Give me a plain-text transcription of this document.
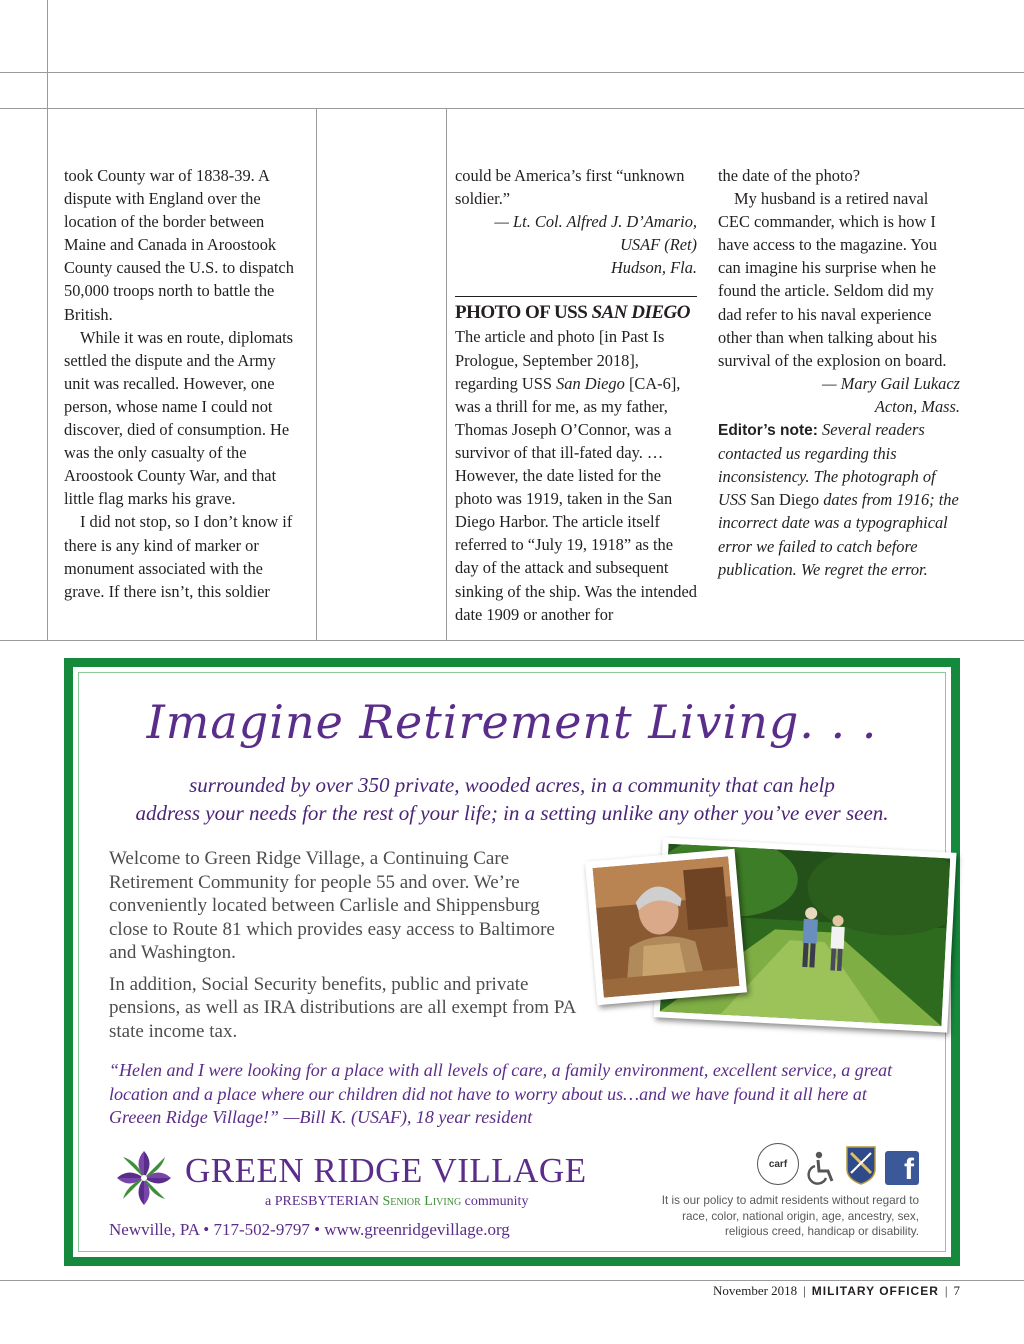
took County war of 1838-39. A dispute with England over the location of the border between Maine and Canada in Aroostook County caused the U.S. to dispatch 50,000 troops north to battle the British.

While it was en route, diplomats settled the dispute and the Army unit was recalled. However, one person, whose name I could not discover, died of consumption. He was the only casualty of the Aroostook County War, and that little flag marks his grave.

I did not stop, so I don’t know if there is any kind of marker or monument associated with the grave. If there isn’t, this soldier

could be America’s first “unknown soldier.”

— Lt. Col. Alfred J. D’Amario,

USAF (Ret)

Hudson, Fla.

PHOTO OF USS SAN DIEGO

The article and photo [in Past Is Prologue, September 2018], regarding USS San Diego [CA-6], was a thrill for me, as my father, Thomas Joseph O’Connor, was a survivor of that ill-fated day. … However, the date listed for the photo was 1919, taken in the San Diego Harbor. The article itself referred to “July 19, 1918” as the day of the attack and subsequent sinking of the ship. Was the intended date 1909 or another for

the date of the photo?

My husband is a retired naval CEC commander, which is how I have access to the magazine. You can imagine his surprise when he found the article. Seldom did my dad refer to his naval experience other than when talking about his survival of the explosion on board.

— Mary Gail Lukacz

Acton, Mass.

Editor’s note: Several readers contacted us regarding this inconsistency. The photograph of USS San Diego dates from 1916; the incorrect date was a typographical error we failed to catch before publication. We regret the error.

Imagine Retirement Living. . .
surrounded by over 350 private, wooded acres, in a community that can help
address your needs for the rest of your life; in a setting unlike any other you’ve ever seen.

Welcome to Green Ridge Village, a Continuing Care Retirement Community for people 55 and over. We’re conveniently located between Carlisle and Shippensburg close to Route 81 which provides easy access to Baltimore and Washington.

In addition, Social Security benefits, public and private pensions, as well as IRA distributions are all exempt from PA state income tax.

“Helen and I were looking for a place with all levels of care, a family environment, excellent service, a great location and a place where our children did not have to worry about us…and we have found it all here at Greeen Ridge Village!” —Bill K. (USAF), 18 year resident
GREEN RIDGE VILLAGE
a PRESBYTERIAN Senior Living community
Newville, PA • 717-502-9797 • www.greenridgevillage.org
carf	f
It is our policy to admit residents without regard to race, color, national origin, age, ancestry, sex, religious creed, handicap or disability.
November 2018 | MILITARY OFFICER | 7
